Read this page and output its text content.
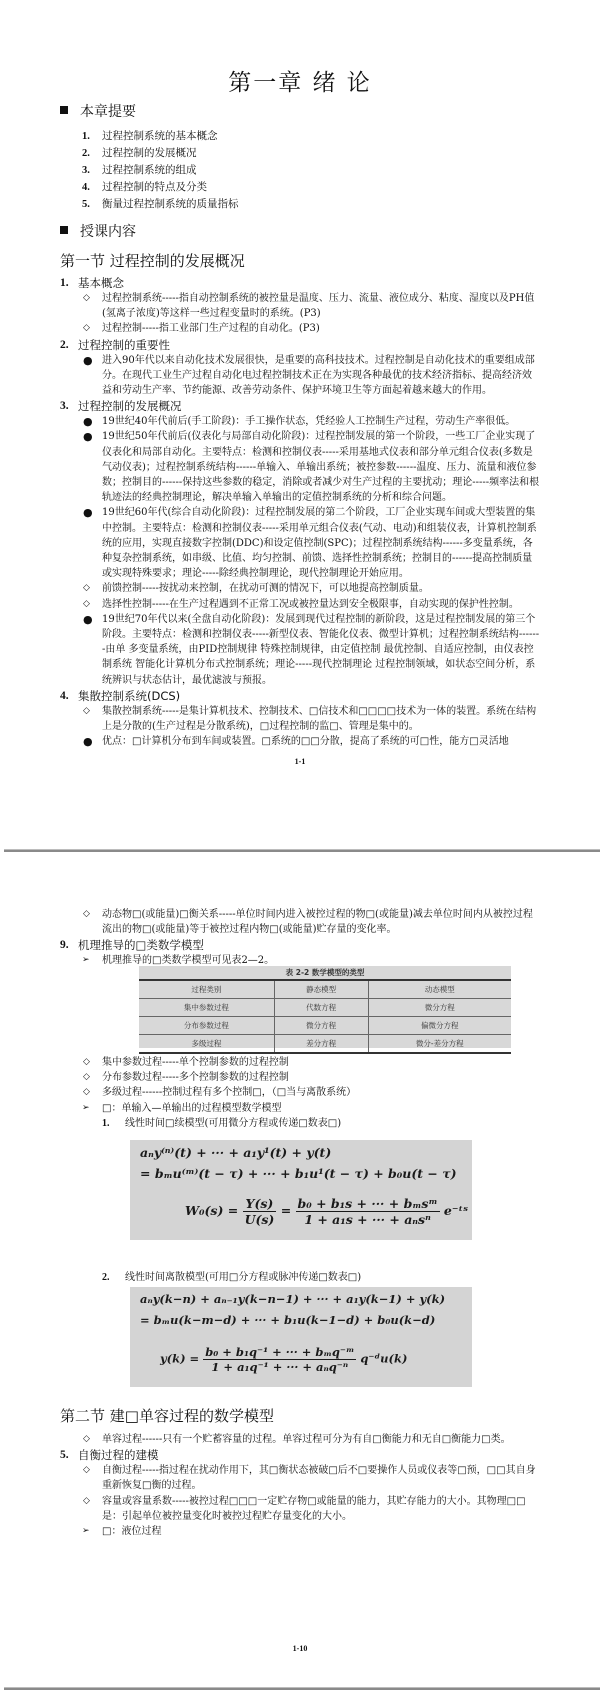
第一章 绪 论
本章提要
1. 过程控制系统的基本概念
2. 过程控制的发展概况
3. 过程控制系统的组成
4. 过程控制的特点及分类
5. 衡量过程控制系统的质量指标
授课内容
第一节 过程控制的发展概况
1. 基本概念
◇ 过程控制系统-----指自动控制系统的被控量是温度、压力、流量、液位成分、粘度、湿度以及PH值(氢离子浓度)等这样一些过程变量时的系统。(P3)
◇ 过程控制-----指工业部门生产过程的自动化。(P3)
2. 过程控制的重要性
● 进入90年代以来自动化技术发展很快，是重要的高科技技术。过程控制是自动化技术的重要组成部分。在现代工业生产过程自动化电过程控制技术正在为实现各种最优的技术经济指标、提高经济效益和劳动生产率、节约能源、改善劳动条件、保护环境卫生等方面起着越来越大的作用。
3. 过程控制的发展概况
● 19世纪40年代前后(手工阶段)：手工操作状态，凭经验人工控制生产过程，劳动生产率很低。
● 19世纪50年代前后(仪表化与局部自动化阶段)：过程控制发展的第一个阶段，一些工厂企业实现了仪表化和局部自动化。主要特点：检测和控制仪表-----采用基地式仪表和部分单元组合仪表(多数是气动仪表)；过程控制系统结构------单输入、单输出系统；被控参数------温度、压力、流量和液位参数；控制目的------保持这些参数的稳定，消除或者减少对生产过程的主要扰动；理论-----频率法和根轨迹法的经典控制理论，解决单输入单输出的定值控制系统的分析和综合问题。
● 19世纪60年代(综合自动化阶段)：过程控制发展的第二个阶段，工厂企业实现车间或大型装置的集中控制。主要特点：检测和控制仪表-----采用单元组合仪表(气动、电动)和组装仪表，计算机控制系统的应用，实现直接数字控制(DDC)和设定值控制(SPC)；过程控制系统结构------多变量系统，各种复杂控制系统，如串级、比值、均匀控制、前馈、选择性控制系统；控制目的------提高控制质量或实现特殊要求；理论-----除经典控制理论，现代控制理论开始应用。
◇ 前馈控制-----按扰动来控制，在扰动可测的情况下，可以地提高控制质量。
◇ 选择性控制-----在生产过程遇到不正常工况或被控量达到安全极限事，自动实现的保护性控制。
● 19世纪70年代以来(全盘自动化阶段)：发展到现代过程控制的新阶段，这是过程控制发展的第三个阶段。主要特点：检测和控制仪表-----新型仪表、智能化仪表、微型计算机；过程控制系统结构-------由单 多变量系统，由PID控制规律 特殊控制规律，由定值控制 最优控制、自适应控制，由仪表控制系统 智能化计算机分布式控制系统；理论-----现代控制理论 过程控制领域，如状态空间分析，系统辨识与状态估计，最优滤波与预报。
4. 集散控制系统(DCS)
◇ 集散控制系统-----是集计算机技术、控制技术、□信技术和□□□□技术为一体的装置。系统在结构上是分散的(生产过程是分散系统)，□过程控制的监□、管理是集中的。
● 优点：□计算机分布到车间或装置。□系统的□□分散，提高了系统的可□性，能方□灵活地
1-1
◇ 动态物□(或能量)□衡关系-----单位时间内进入被控过程的物□(或能量)减去单位时间内从被控过程流出的物□(或能量)等于被控过程内物□(或能量)贮存量的变化率。
9. 机理推导的□类数学模型
➢ 机理推导的□类数学模型可见表2—2。
表 2-2 数学模型的类型
过程类别	静态模型	动态模型
集中参数过程	代数方程	微分方程
分布参数过程	微分方程	偏微分方程
多级过程	差分方程	微分-差分方程
◇ 集中参数过程-----单个控制参数的过程控制
◇ 分布参数过程-----多个控制参数的过程控制
◇ 多级过程------控制过程有多个控制□，（□当与离散系统）
➢ □：单输入—单输出的过程模型数学模型
1. 线性时间□续模型(可用微分方程或传递□数表□)
aₙy⁽ⁿ⁾(t) + ··· + a₁y¹(t) + y(t)
= bₘu⁽ᵐ⁾(t − τ) + ··· + b₁u¹(t − τ) + b₀u(t − τ)
$W_0(s) = \frac{Y(s)}{U(s)} = \frac{\text{b₀ + b₁s + ··· + bₘsᵐ}}{\text{1 + a₁s + ··· + aₙsⁿ}}$ e⁻ᵗˢ
2. 线性时间离散模型(可用□分方程或脉冲传递□数表□)
aₙy(k−n) + aₙ₋₁y(k−n−1) + ··· + a₁y(k−1) + y(k)
= bₘu(k−m−d) + ··· + b₁u(k−1−d) + b₀u(k−d)
$y(k) = \frac{\text{b₀ + b₁q⁻¹ + ··· + bₘq⁻ᵐ}}{\text{1 + a₁q⁻¹ + ··· + aₙq⁻ⁿ}}$ q⁻ᵈu(k)
第二节 建□单容过程的数学模型
◇ 单容过程------只有一个贮蓄容量的过程。单容过程可分为有自□衡能力和无自□衡能力□类。
5. 自衡过程的建模
◇ 自衡过程-----指过程在扰动作用下，其□衡状态被破□后不□要操作人员或仪表等□预，□□其自身重新恢复□衡的过程。
◇ 容量或容量系数-----被控过程□□□一定贮存物□或能量的能力，其贮存能力的大小。其物理□□是：引起单位被控量变化时被控过程贮存量变化的大小。
➢ □：液位过程
1-10
